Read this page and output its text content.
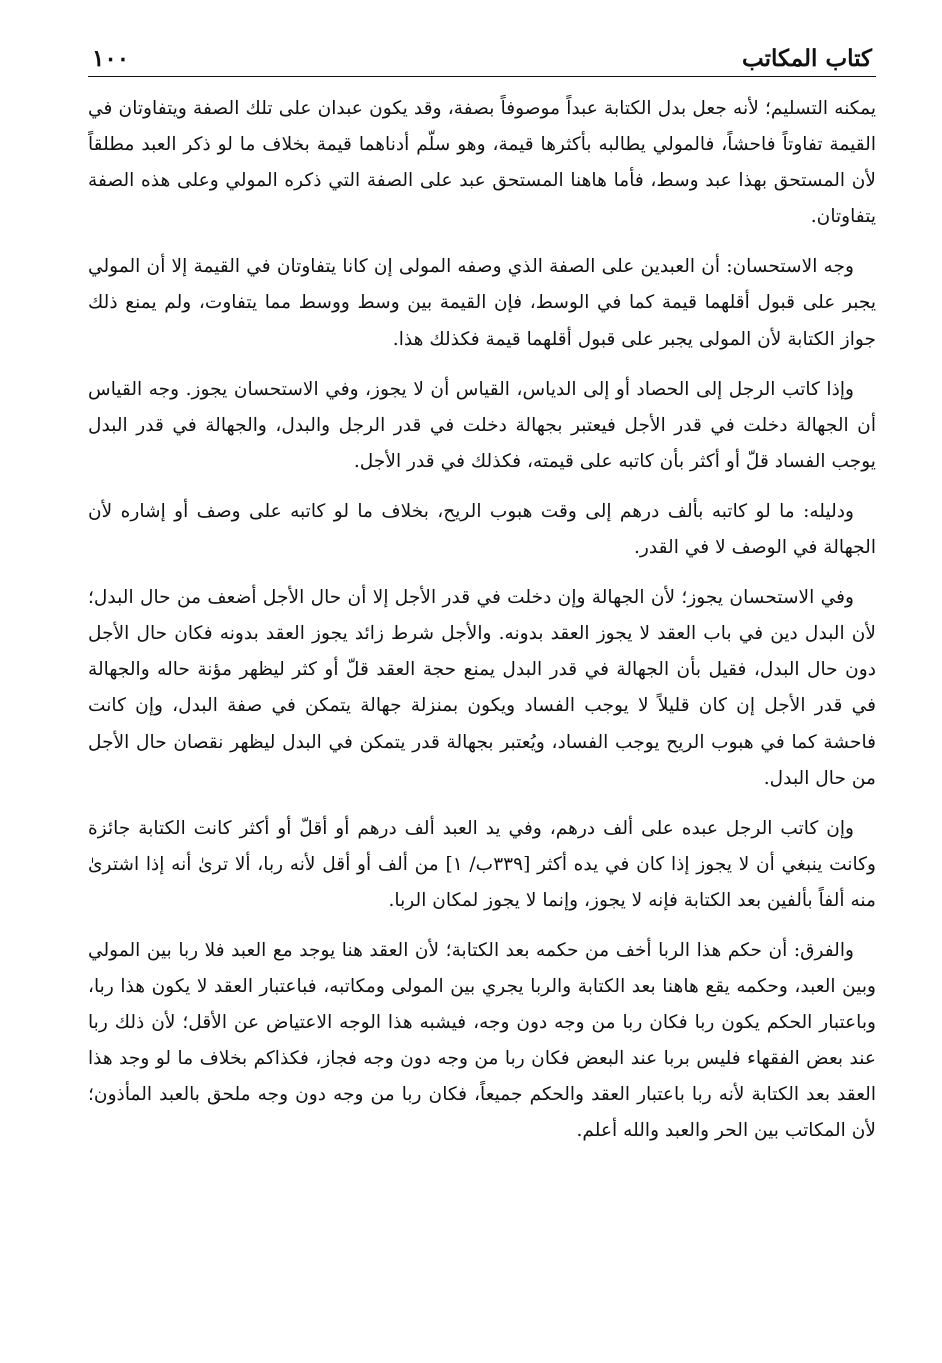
كتاب المكاتب
١٠٠

يمكنه التسليم؛ لأنه جعل بدل الكتابة عبداً موصوفاً بصفة، وقد يكون عبدان على تلك الصفة ويتفاوتان في القيمة تفاوتاً فاحشاً، فالمولي يطالبه بأكثرها قيمة، وهو سلّم أدناهما قيمة بخلاف ما لو ذكر العبد مطلقاً لأن المستحق بهذا عبد وسط، فأما هاهنا المستحق عبد على الصفة التي ذكره المولي وعلى هذه الصفة يتفاوتان.

وجه الاستحسان: أن العبدين على الصفة الذي وصفه المولى إن كانا يتفاوتان في القيمة إلا أن المولي يجبر على قبول أقلهما قيمة كما في الوسط، فإن القيمة بين وسط ووسط مما يتفاوت، ولم يمنع ذلك جواز الكتابة لأن المولى يجبر على قبول أقلهما قيمة فكذلك هذا.

وإذا كاتب الرجل إلى الحصاد أو إلى الدياس، القياس أن لا يجوز، وفي الاستحسان يجوز. وجه القياس أن الجهالة دخلت في قدر الأجل فيعتبر بجهالة دخلت في قدر الرجل والبدل، والجهالة في قدر البدل يوجب الفساد قلّ أو أكثر بأن كاتبه على قيمته، فكذلك في قدر الأجل.

ودليله: ما لو كاتبه بألف درهم إلى وقت هبوب الريح، بخلاف ما لو كاتبه على وصف أو إشاره لأن الجهالة في الوصف لا في القدر.

وفي الاستحسان يجوز؛ لأن الجهالة وإن دخلت في قدر الأجل إلا أن حال الأجل أضعف من حال البدل؛ لأن البدل دين في باب العقد لا يجوز العقد بدونه. والأجل شرط زائد يجوز العقد بدونه فكان حال الأجل دون حال البدل، فقيل بأن الجهالة في قدر البدل يمنع حجة العقد قلّ أو كثر ليظهر مؤنة حاله والجهالة في قدر الأجل إن كان قليلاً لا يوجب الفساد ويكون بمنزلة جهالة يتمكن في صفة البدل، وإن كانت فاحشة كما في هبوب الريح يوجب الفساد، ويُعتبر بجهالة قدر يتمكن في البدل ليظهر نقصان حال الأجل من حال البدل.

وإن كاتب الرجل عبده على ألف درهم، وفي يد العبد ألف درهم أو أقلّ أو أكثر كانت الكتابة جائزة وكانت ينبغي أن لا يجوز إذا كان في يده أكثر [٣٣٩ب/ ١] من ألف أو أقل لأنه ربا، ألا ترىٰ أنه إذا اشترىٰ منه ألفاً بألفين بعد الكتابة فإنه لا يجوز، وإنما لا يجوز لمكان الربا.

والفرق: أن حكم هذا الربا أخف من حكمه بعد الكتابة؛ لأن العقد هنا يوجد مع العبد فلا ربا بين المولي وبين العبد، وحكمه يقع هاهنا بعد الكتابة والربا يجري بين المولى ومكاتبه، فباعتبار العقد لا يكون هذا ربا، وباعتبار الحكم يكون ربا فكان ربا من وجه دون وجه، فيشبه هذا الوجه الاعتياض عن الأقل؛ لأن ذلك ربا عند بعض الفقهاء فليس بربا عند البعض فكان ربا من وجه دون وجه فجاز، فكذاكم بخلاف ما لو وجد هذا العقد بعد الكتابة لأنه ربا باعتبار العقد والحكم جميعاً، فكان ربا من وجه دون وجه ملحق بالعبد المأذون؛ لأن المكاتب بين الحر والعبد والله أعلم.
